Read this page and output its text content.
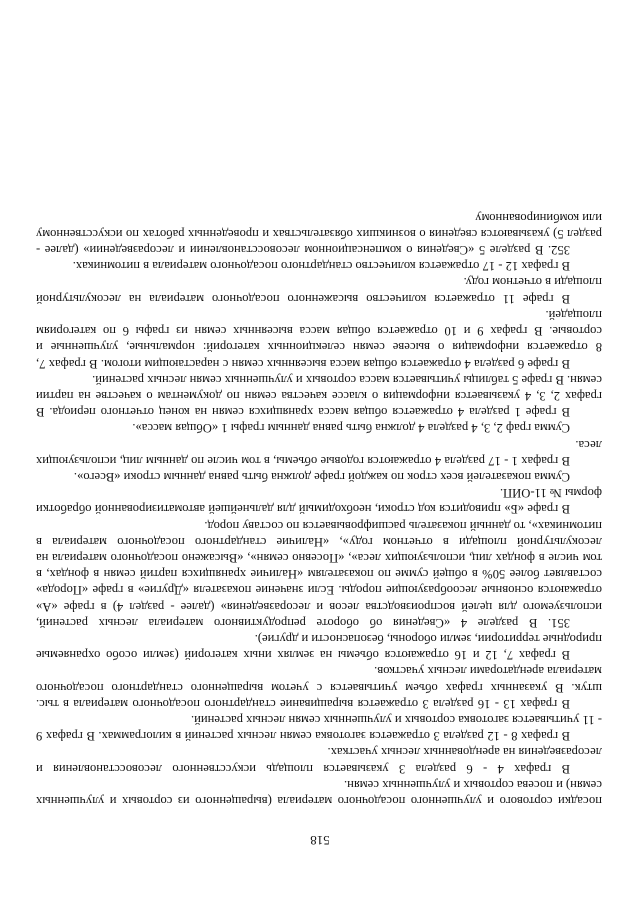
518

посадки сортового и улучшенного посадочного материала (выращенного из сортовых и улучшенных семян) и посева сортовых и улучшенных семян.

В графах 4 - 6 раздела 3 указывается площадь искусственного лесовосстановления и лесоразведения на арендованных лесных участках.

В графах 8 - 12 раздела 3 отражается заготовка семян лесных растений в килограммах. В графах 9 - 11 учитывается заготовка сортовых и улучшенных семян лесных растений.

В графах 13 - 16 раздела 3 отражается выращивание стандартного посадочного материала в тыс. штук. В указанных графах объем учитывается с учетом выращенного стандартного посадочного материала арендаторами лесных участков.

В графах 7, 12 и 16 отражаются объемы на землях иных категорий (земли особо охраняемые природные территории, земли обороны, безопасности и другие).

351. В разделе 4 «Сведения об обороте репродуктивного материала лесных растений, используемого для целей воспроизводства лесов и лесоразведения» (далее - раздел 4) в графе «А» отражаются основные лесообразующие породы. Если значение показателя «Другие» в графе «Порода» составляет более 50% в общей сумме по показателям «Наличие хранящихся партий семян в фондах, в том числе в фондах лиц, использующих леса», «Посевно семян», «Высажено посадочного материала на лесокультурной площади в отчетном году», «Наличие стандартного посадочного материала в питомниках», то данный показатель расшифровывается по составу пород.

В графе «Б» приводится код строки, необходимый для дальнейшей автоматизированной обработки формы № 11-ОИП.

Сумма показателей всех строк по каждой графе должна быть равна данным строки «Всего».

В графах 1 - 17 раздела 4 отражаются годовые объемы, в том числе по данным лиц, использующих леса.

Сумма граф 2, 3, 4 раздела 4 должна быть равна данным графы 1 «Общая масса».

В графе 1 раздела 4 отражается общая масса хранящихся семян на конец отчетного периода. В графах 2, 3, 4 указывается информация о классе качества семян по документам о качестве на партии семян. В графе 5 таблицы учитывается масса сортовых и улучшенных семян лесных растений.

В графе 6 раздела 4 отражается общая масса высеянных семян с нарастающим итогом. В графах 7, 8 отражается информация о высеве семян селекционных категорий: нормальные, улучшенные и сортовые. В графах 9 и 10 отражается общая масса высеянных семян из графы 6 по категориям площадей.

В графе 11 отражается количество высаженного посадочного материала на лесокультурной площади в отчетном году.

В графах 12 - 17 отражается количество стандартного посадочного материала в питомниках.

352. В разделе 5 «Сведения о компенсационном лесовосстановлении и лесоразведении» (далее - раздел 5) указываются сведения о возникших обязательствах и проведенных работах по искусственному или комбинированному
